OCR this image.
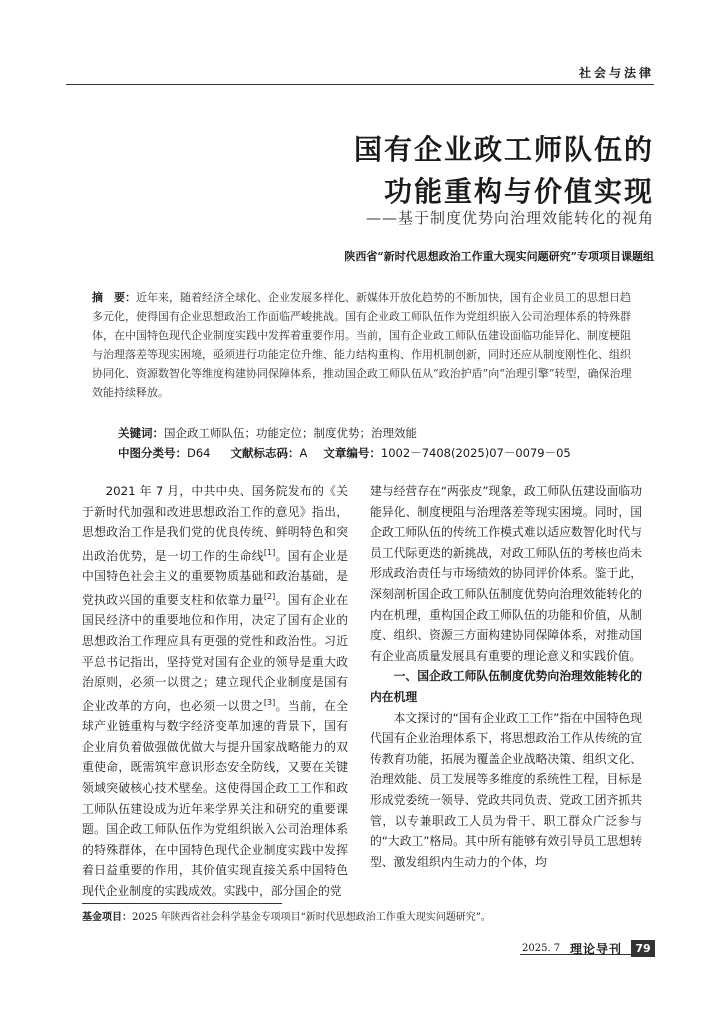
社会与法律
国有企业政工师队伍的
功能重构与价值实现
——基于制度优势向治理效能转化的视角
陕西省“新时代思想政治工作重大现实问题研究”专项项目课题组
摘　要：近年来，随着经济全球化、企业发展多样化、新媒体开放化趋势的不断加快，国有企业员工的思想日趋多元化，使得国有企业思想政治工作面临严峻挑战。国有企业政工师队伍作为党组织嵌入公司治理体系的特殊群体，在中国特色现代企业制度实践中发挥着重要作用。当前，国有企业政工师队伍建设面临功能异化、制度梗阻与治理落差等现实困境，亟须进行功能定位升维、能力结构重构、作用机制创新，同时还应从制度刚性化、组织协同化、资源数智化等维度构建协同保障体系，推动国企政工师队伍从“政治护盾”向“治理引擎”转型，确保治理效能持续释放。
关键词：国企政工师队伍；功能定位；制度优势；治理效能
中图分类号：D64 文献标志码：A 文章编号：1002－7408(2025)07－0079－05

2021 年 7 月，中共中央、国务院发布的《关于新时代加强和改进思想政治工作的意见》指出，思想政治工作是我们党的优良传统、鲜明特色和突出政治优势，是一切工作的生命线[1]。国有企业是中国特色社会主义的重要物质基础和政治基础，是党执政兴国的重要支柱和依靠力量[2]。国有企业在国民经济中的重要地位和作用，决定了国有企业的思想政治工作理应具有更强的党性和政治性。习近平总书记指出，坚持党对国有企业的领导是重大政治原则，必须一以贯之；建立现代企业制度是国有企业改革的方向，也必须一以贯之[3]。当前，在全球产业链重构与数字经济变革加速的背景下，国有企业肩负着做强做优做大与提升国家战略能力的双重使命，既需筑牢意识形态安全防线，又要在关键领域突破核心技术壁垒。这使得国企政工工作和政工师队伍建设成为近年来学界关注和研究的重要课题。国企政工师队伍作为党组织嵌入公司治理体系的特殊群体，在中国特色现代企业制度实践中发挥着日益重要的作用，其价值实现直接关系中国特色现代企业制度的实践成效。实践中，部分国企的党

建与经营存在“两张皮”现象，政工师队伍建设面临功能异化、制度梗阻与治理落差等现实困境。同时，国企政工师队伍的传统工作模式难以适应数智化时代与员工代际更迭的新挑战，对政工师队伍的考核也尚未形成政治责任与市场绩效的协同评价体系。鉴于此，深刻剖析国企政工师队伍制度优势向治理效能转化的内在机理，重构国企政工师队伍的功能和价值，从制度、组织、资源三方面构建协同保障体系，对推动国有企业高质量发展具有重要的理论意义和实践价值。

一、国企政工师队伍制度优势向治理效能转化的内在机理

本文探讨的“国有企业政工工作”指在中国特色现代国有企业治理体系下，将思想政治工作从传统的宣传教育功能，拓展为覆盖企业战略决策、组织文化、治理效能、员工发展等多维度的系统性工程，目标是形成党委统一领导、党政共同负责、党政工团齐抓共管，以专兼职政工人员为骨干、职工群众广泛参与的“大政工”格局。其中所有能够有效引导员工思想转型、激发组织内生动力的个体，均

基金项目：2025 年陕西省社会科学基金专项项目“新时代思想政治工作重大现实问题研究”。
2025. 7 理论导刊	79
